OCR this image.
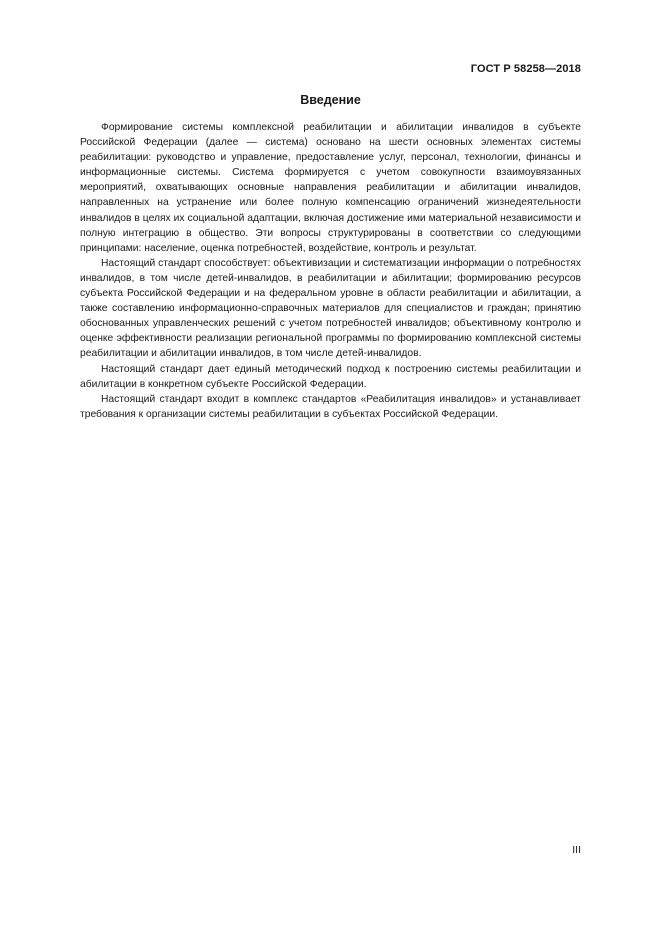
ГОСТ Р 58258—2018
Введение

Формирование системы комплексной реабилитации и абилитации инвалидов в субъекте Российской Федерации (далее — система) основано на шести основных элементах системы реабилитации: руководство и управление, предоставление услуг, персонал, технологии, финансы и информационные системы. Система формируется с учетом совокупности взаимоувязанных мероприятий, охватывающих основные направления реабилитации и абилитации инвалидов, направленных на устранение или более полную компенсацию ограничений жизнедеятельности инвалидов в целях их социальной адаптации, включая достижение ими материальной независимости и полную интеграцию в общество. Эти вопросы структурированы в соответствии со следующими принципами: население, оценка потребностей, воздействие, контроль и результат.

Настоящий стандарт способствует: объективизации и систематизации информации о потребностях инвалидов, в том числе детей-инвалидов, в реабилитации и абилитации; формированию ресурсов субъекта Российской Федерации и на федеральном уровне в области реабилитации и абилитации, а также составлению информационно-справочных материалов для специалистов и граждан; принятию обоснованных управленческих решений с учетом потребностей инвалидов; объективному контролю и оценке эффективности реализации региональной программы по формированию комплексной системы реабилитации и абилитации инвалидов, в том числе детей-инвалидов.

Настоящий стандарт дает единый методический подход к построению системы реабилитации и абилитации в конкретном субъекте Российской Федерации.

Настоящий стандарт входит в комплекс стандартов «Реабилитация инвалидов» и устанавливает требования к организации системы реабилитации в субъектах Российской Федерации.

III
